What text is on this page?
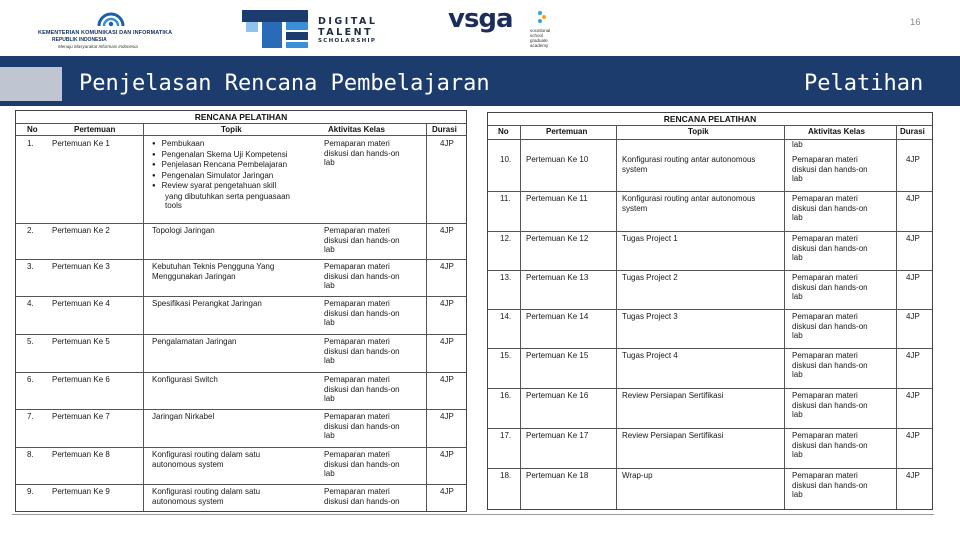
KEMENTERIAN KOMUNIKASI DAN INFORMATIKA
REPUBLIK INDONESIA
Menuju Masyarakat Informasi Indonesia
DIGITAL
TALENT
SCHOLARSHIP
vsga	vocational school graduate academy
16
Penjelasan Rencana Pembelajaran	Pelatihan
RENCANA PELATIHAN
No	Pertemuan	Topik	Aktivitas Kelas	Durasi
1. Pertemuan Ke 1
●	Pembukaan
● Pengenalan Skema Uji Kompetensi
● Penjelasan Rencana Pembelajaran
● Pengenalan Simulator Jaringan
● Review syarat pengetahuan skill
yang dibutuhkan serta penguasaan
tools
Pemaparan materi
diskusi dan hands-on
lab
4JP
2. Pertemuan Ke 2	Topologi Jaringan	Pemaparan materi
diskusi dan hands-on
lab
4JP
3. Pertemuan Ke 3	Kebutuhan Teknis Pengguna Yang
Menggunakan Jaringan
Pemaparan materi
diskusi dan hands-on
lab
4JP
4. Pertemuan Ke 4	Spesifikasi Perangkat Jaringan	Pemaparan materi
diskusi dan hands-on
lab
4JP
5. Pertemuan Ke 5	Pengalamatan Jaringan	Pemaparan materi
diskusi dan hands-on
lab
4JP
6. Pertemuan Ke 6	Konfigurasi Switch	Pemaparan materi
diskusi dan hands-on
lab
4JP
7. Pertemuan Ke 7	Jaringan Nirkabel	Pemaparan materi
diskusi dan hands-on
lab
4JP
8. Pertemuan Ke 8	Konfigurasi routing dalam satu
autonomous system
Pemaparan materi
diskusi dan hands-on
lab
4JP
9. Pertemuan Ke 9	Konfigurasi routing dalam satu
autonomous system
Pemaparan materi
diskusi dan hands-on
4JP
RENCANA PELATIHAN
No	Pertemuan	Topik	Aktivitas Kelas	Durasi
lab
10. Pertemuan Ke 10	Konfigurasi routing antar autonomous
system
Pemaparan materi
diskusi dan hands-on
lab
4JP
11. Pertemuan Ke 11	Konfigurasi routing antar autonomous
system
Pemaparan materi
diskusi dan hands-on
lab
4JP
12. Pertemuan Ke 12	Tugas Project 1	Pemaparan materi
diskusi dan hands-on
lab
4JP
13. Pertemuan Ke 13	Tugas Project 2	Pemaparan materi
diskusi dan hands-on
lab
4JP
14. Pertemuan Ke 14	Tugas Project 3	Pemaparan materi
diskusi dan hands-on
lab
4JP
15. Pertemuan Ke 15	Tugas Project 4	Pemaparan materi
diskusi dan hands-on
lab
4JP
16. Pertemuan Ke 16	Review Persiapan Sertifikasi	Pemaparan materi
diskusi dan hands-on
lab
4JP
17. Pertemuan Ke 17	Review Persiapan Sertifikasi	Pemaparan materi
diskusi dan hands-on
lab
4JP
18. Pertemuan Ke 18	Wrap-up	Pemaparan materi
diskusi dan hands-on
lab
4JP
